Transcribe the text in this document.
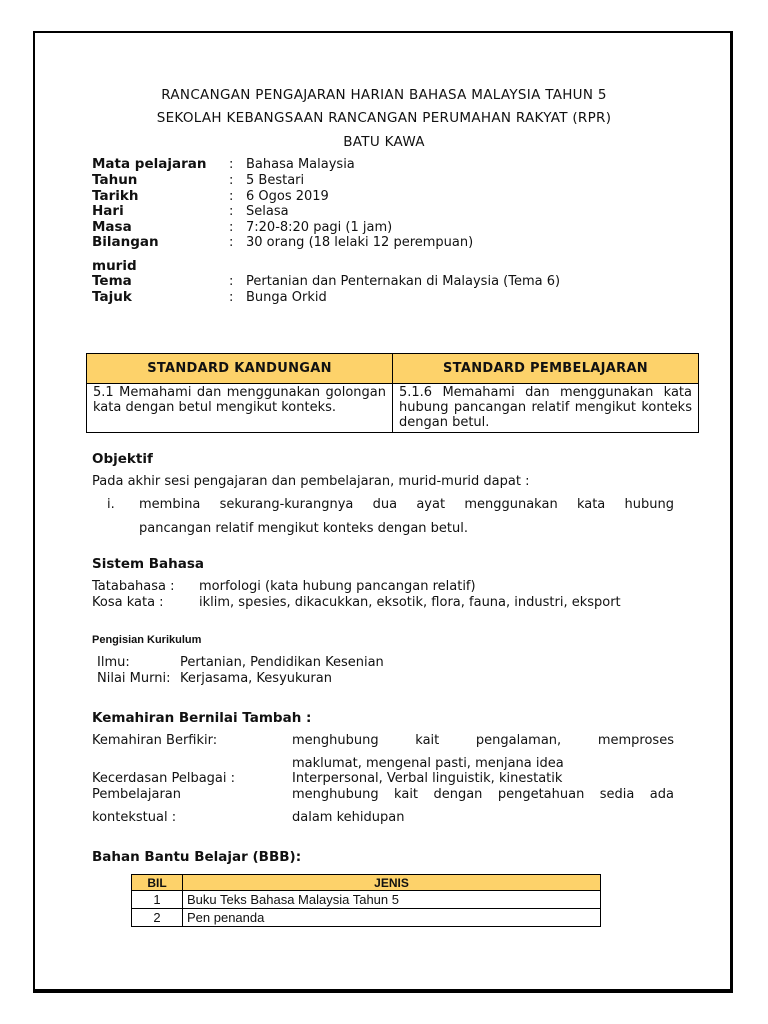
RANCANGAN PENGAJARAN HARIAN BAHASA MALAYSIA TAHUN 5
SEKOLAH KEBANGSAAN RANCANGAN PERUMAHAN RAKYAT (RPR)
BATU KAWA
Mata pelajaran : Bahasa Malaysia
Tahun	: 5 Bestari
Tarikh	: 6 Ogos 2019
Hari	: Selasa
Masa	: 7:20-8:20 pagi (1 jam)
Bilangan	: 30 orang (18 lelaki 12 perempuan)
murid
Tema	: Pertanian dan Penternakan di Malaysia (Tema 6)
Tajuk	: Bunga Orkid
STANDARD KANDUNGAN	STANDARD PEMBELAJARAN
5.1 Memahami dan menggunakan golongan kata dengan betul mengikut konteks.	5.1.6 Memahami dan menggunakan kata hubung pancangan relatif mengikut konteks dengan betul.
Objektif
Pada akhir sesi pengajaran dan pembelajaran, murid-murid dapat :
i. membina sekurang-kurangnya dua ayat menggunakan kata hubung
pancangan relatif mengikut konteks dengan betul.
Sistem Bahasa
Tatabahasa : morfologi (kata hubung pancangan relatif)
Kosa kata :	iklim, spesies, dikacukkan, eksotik, flora, fauna, industri, eksport
Pengisian Kurikulum
Ilmu:	Pertanian, Pendidikan Kesenian
Nilai Murni: Kerjasama, Kesyukuran
Kemahiran Bernilai Tambah :
Kemahiran Berfikir:	menghubung	kait	pengalaman,	memproses
maklumat, mengenal pasti, menjana idea
Kecerdasan Pelbagai :	Interpersonal, Verbal linguistik, kinestatik
Pembelajaran	menghubung kait dengan pengetahuan sedia ada
kontekstual :	dalam kehidupan
Bahan Bantu Belajar (BBB):
BIL	JENIS
1	Buku Teks Bahasa Malaysia Tahun 5
2	Pen penanda
